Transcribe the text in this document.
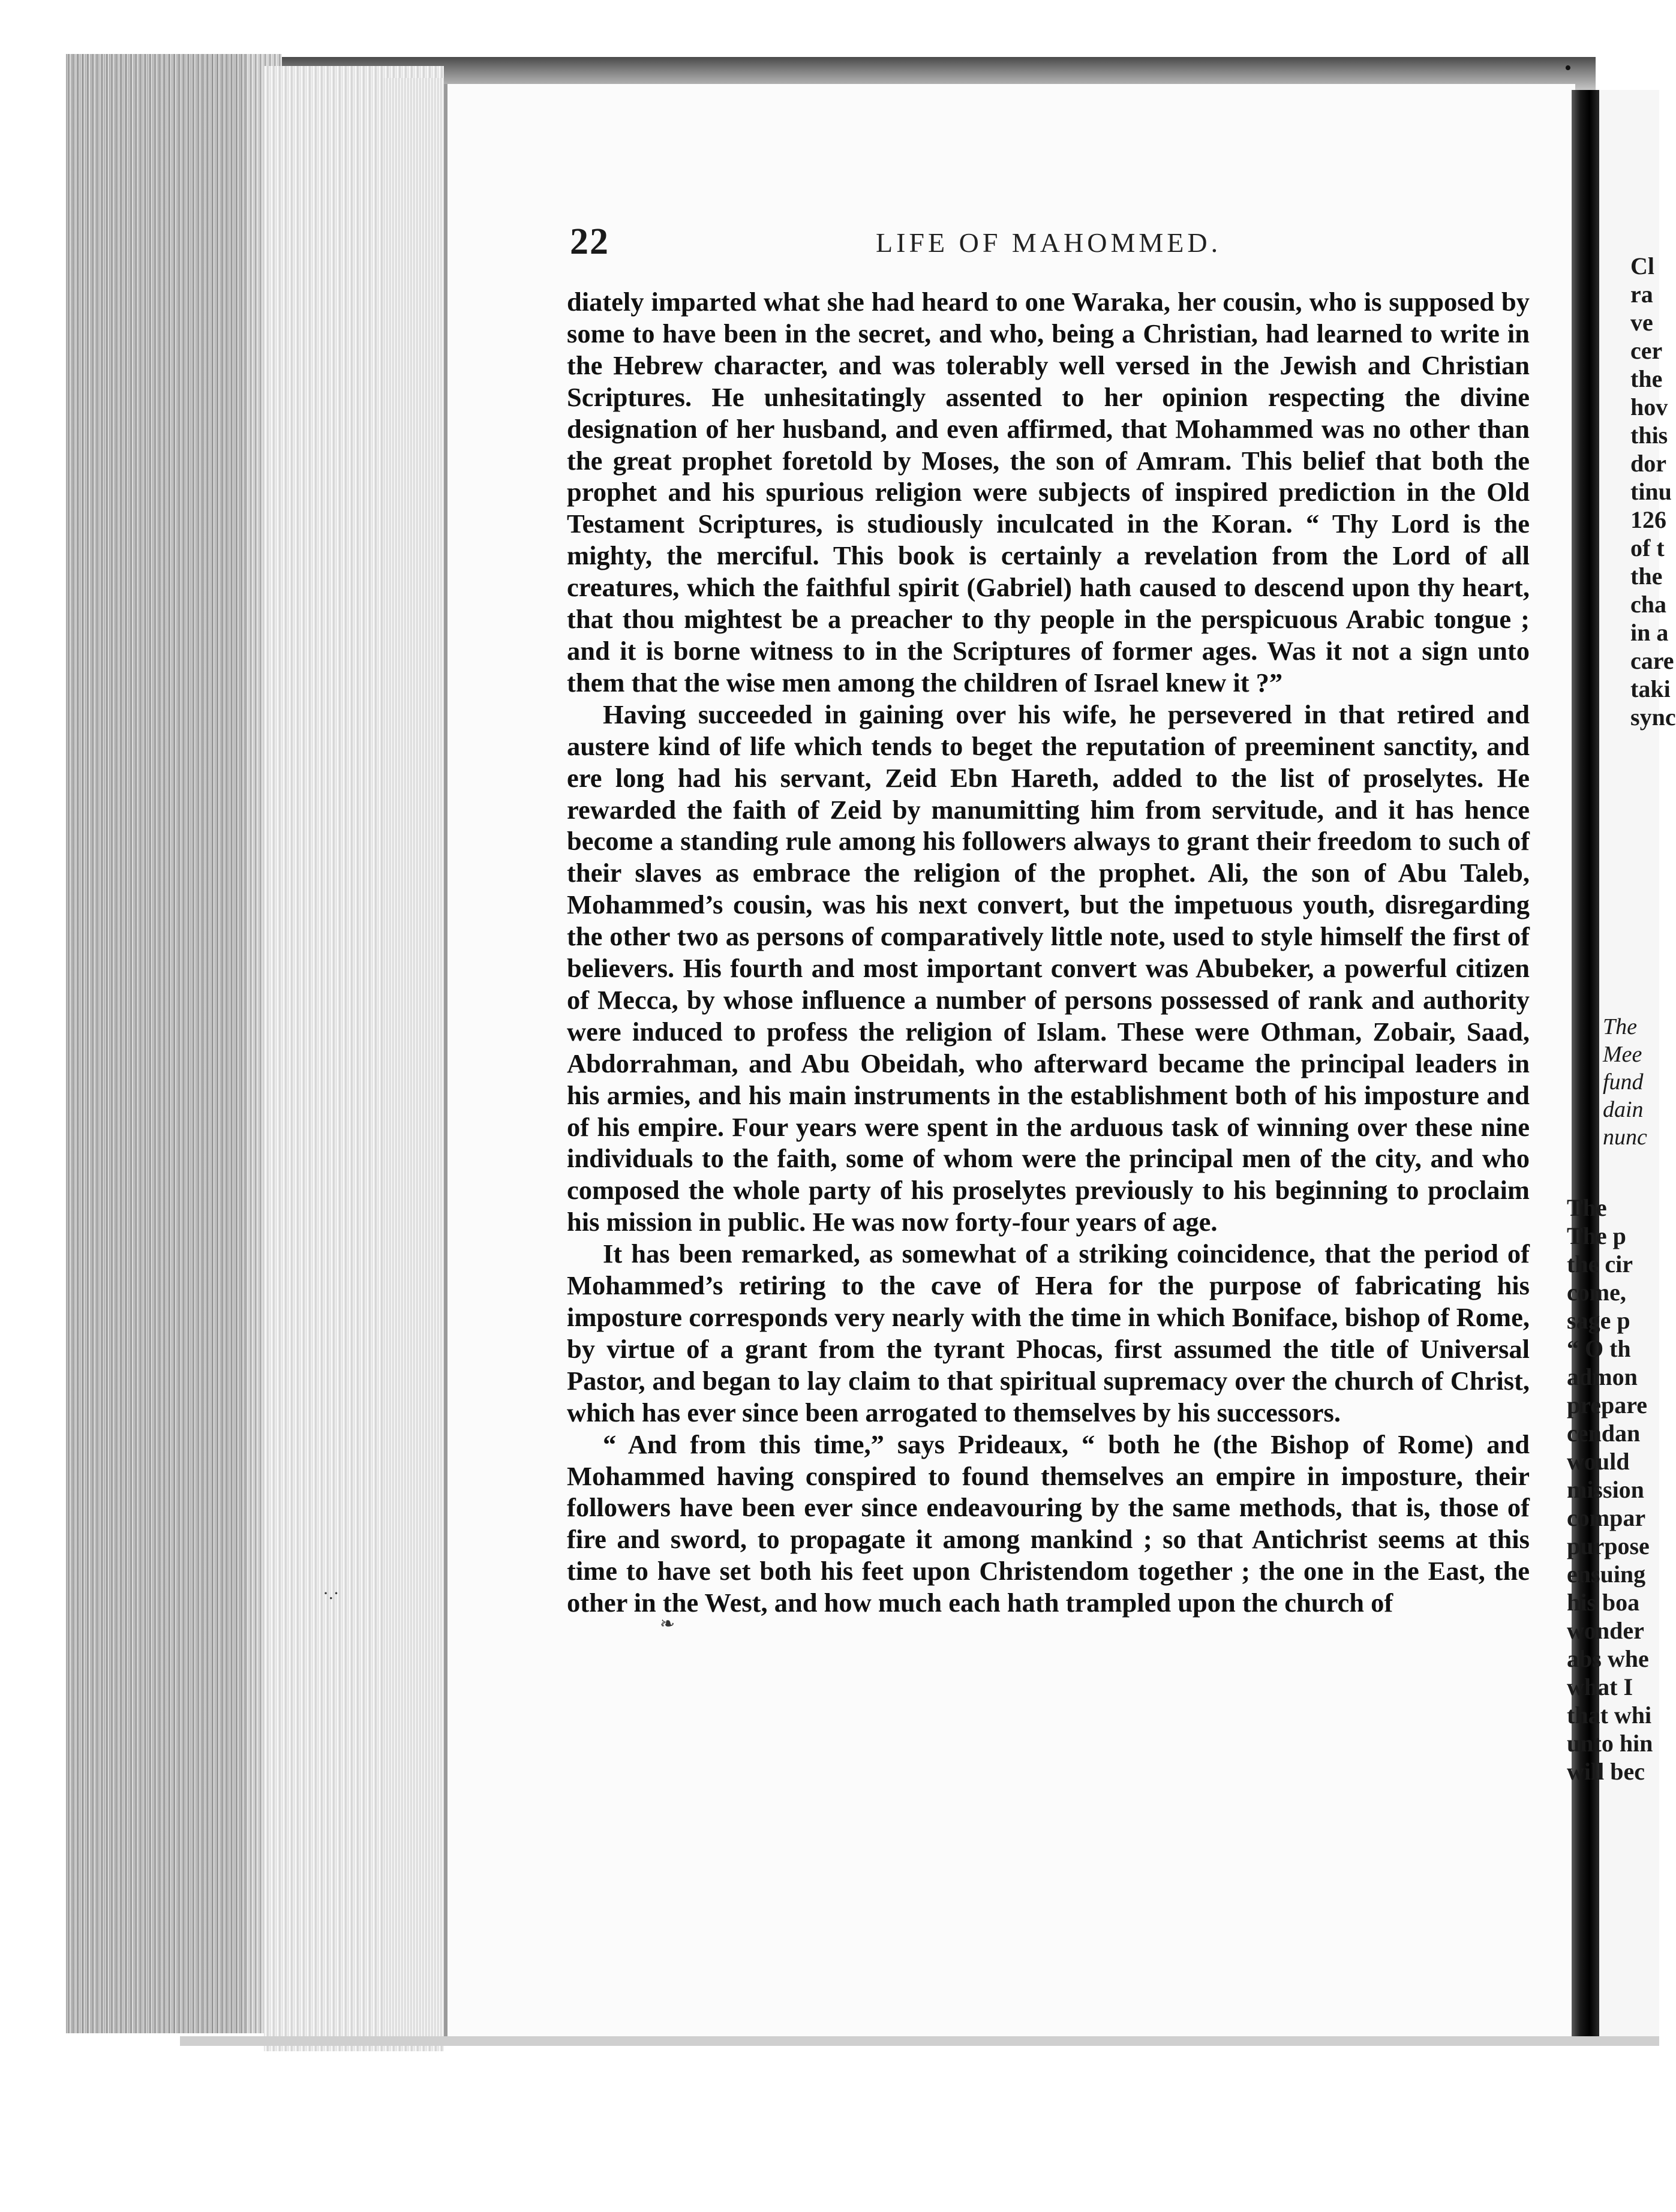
•
22	LIFE OF MAHOMMED.

diately imparted what she had heard to one Waraka, her cousin, who is supposed by some to have been in the secret, and who, being a Christian, had learned to write in the Hebrew character, and was tolerably well versed in the Jewish and Christian Scriptures. He unhesitatingly assented to her opinion respecting the divine designation of her husband, and even affirmed, that Mohammed was no other than the great prophet foretold by Moses, the son of Amram. This belief that both the prophet and his spurious religion were subjects of inspired prediction in the Old Testament Scriptures, is studiously inculcated in the Koran. “ Thy Lord is the mighty, the merciful. This book is certainly a revelation from the Lord of all creatures, which the faithful spirit (Gabriel) hath caused to descend upon thy heart, that thou mightest be a preacher to thy people in the perspicuous Arabic tongue ; and it is borne witness to in the Scriptures of former ages. Was it not a sign unto them that the wise men among the children of Israel knew it ?”

Having succeeded in gaining over his wife, he persevered in that retired and austere kind of life which tends to beget the reputation of preeminent sanctity, and ere long had his servant, Zeid Ebn Hareth, added to the list of proselytes. He rewarded the faith of Zeid by manumitting him from servitude, and it has hence become a standing rule among his followers always to grant their freedom to such of their slaves as embrace the religion of the prophet. Ali, the son of Abu Taleb, Mohammed’s cousin, was his next convert, but the impetuous youth, disregarding the other two as persons of comparatively little note, used to style himself the first of believers. His fourth and most important convert was Abubeker, a powerful citizen of Mecca, by whose influence a number of persons possessed of rank and authority were induced to profess the religion of Islam. These were Othman, Zobair, Saad, Abdorrahman, and Abu Obeidah, who afterward became the principal leaders in his armies, and his main instruments in the establishment both of his imposture and of his empire. Four years were spent in the arduous task of winning over these nine individuals to the faith, some of whom were the principal men of the city, and who composed the whole party of his proselytes previously to his beginning to proclaim his mission in public. He was now forty-four years of age.

It has been remarked, as somewhat of a striking coincidence, that the period of Mohammed’s retiring to the cave of Hera for the purpose of fabricating his imposture corresponds very nearly with the time in which Boniface, bishop of Rome, by virtue of a grant from the tyrant Phocas, first assumed the title of Universal Pastor, and began to lay claim to that spiritual supremacy over the church of Christ, which has ever since been arrogated to themselves by his successors.

“ And from this time,” says Prideaux, “ both he (the Bishop of Rome) and Mohammed having conspired to found themselves an empire in imposture, their followers have been ever since endeavouring by the same methods, that is, those of fire and sword, to propagate it among mankind ; so that Antichrist seems at this time to have set both his feet upon Christendom together ; the one in the East, the other in the West, and how much each hath trampled upon the church of

·.·
❧
Cl
ra
ve
cer
the
hov
this
dor
tinu
126
of t
the
cha
in a
care
taki
sync
The
Mee
fund
dain
nunc
The
The p
the cir
come,
sage p
“ O th
admon
prepare
cendan
would
mission
compar
purpose
ensuing
his boa
wonder
abs whe
what I
that whi
unto hin
will bec
